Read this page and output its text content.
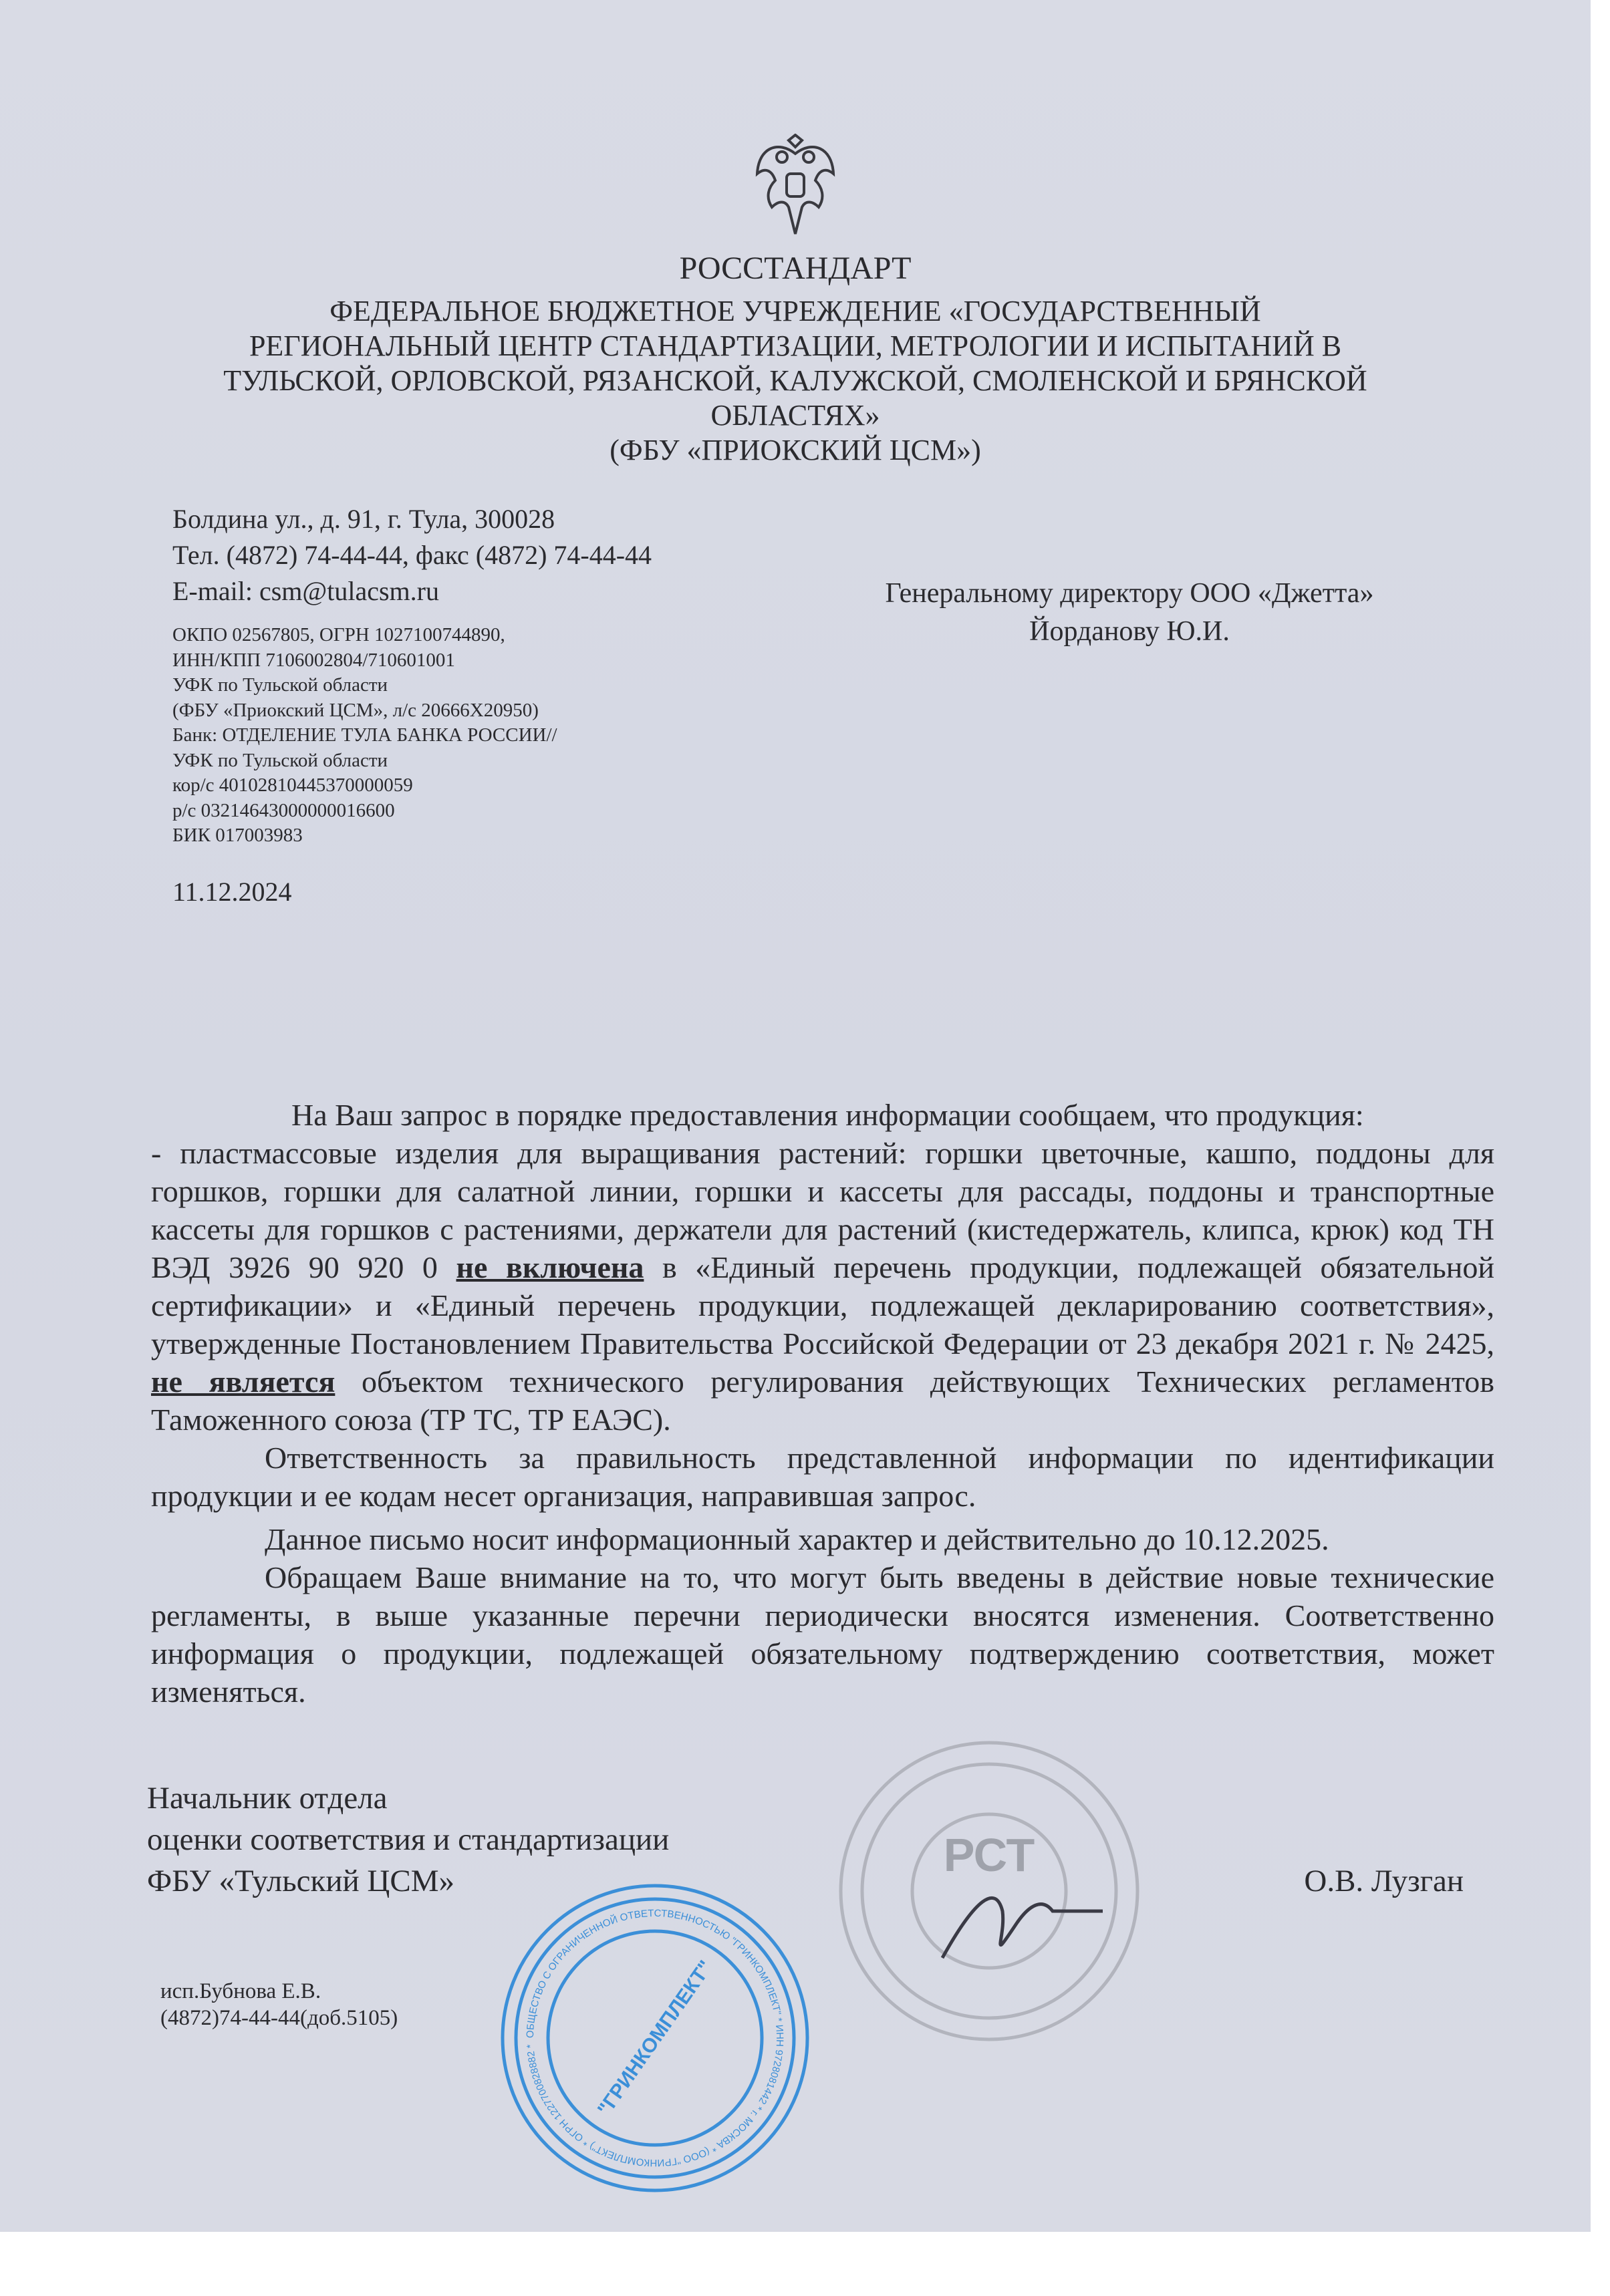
РОССТАНДАРТ
ФЕДЕРАЛЬНОЕ БЮДЖЕТНОЕ УЧРЕЖДЕНИЕ «ГОСУДАРСТВЕННЫЙ
РЕГИОНАЛЬНЫЙ ЦЕНТР СТАНДАРТИЗАЦИИ, МЕТРОЛОГИИ И ИСПЫТАНИЙ В
ТУЛЬСКОЙ, ОРЛОВСКОЙ, РЯЗАНСКОЙ, КАЛУЖСКОЙ, СМОЛЕНСКОЙ И БРЯНСКОЙ
ОБЛАСТЯХ»
(ФБУ «ПРИОКСКИЙ ЦСМ»)
Болдина ул., д. 91, г. Тула, 300028
Тел. (4872) 74-44-44, факс (4872) 74-44-44
E-mail: csm@tulacsm.ru
ОКПО 02567805, ОГРН 1027100744890,
ИНН/КПП 7106002804/710601001
УФК по Тульской области
(ФБУ «Приокский ЦСМ», л/с 20666Х20950)
Банк: ОТДЕЛЕНИЕ ТУЛА БАНКА РОССИИ//
УФК по Тульской области
кор/с 40102810445370000059
р/с 03214643000000016600
БИК 017003983
11.12.2024
Генеральному директору ООО «Джетта»
Йорданову Ю.И.

На Ваш запрос в порядке предоставления информации сообщаем, что продукция:

- пластмассовые изделия для выращивания растений: горшки цветочные, кашпо, поддоны для горшков, горшки для салатной линии, горшки и кассеты для рассады, поддоны и транспортные кассеты для горшков с растениями, держатели для растений (кистедержатель, клипса, крюк) код ТН ВЭД 3926 90 920 0 не включена в «Единый перечень продукции, подлежащей обязательной сертификации» и «Единый перечень продукции, подлежащей декларированию соответствия», утвержденные Постановлением Правительства Российской Федерации от 23 декабря 2021 г. № 2425, не является объектом технического регулирования действующих Технических регламентов Таможенного союза (ТР ТС, ТР ЕАЭС).

Ответственность за правильность представленной информации по идентификации продукции и ее кодам несет организация, направившая запрос.

Данное письмо носит информационный характер и действительно до 10.12.2025.

Обращаем Ваше внимание на то, что могут быть введены в действие новые технические регламенты, в выше указанные перечни периодически вносятся изменения. Соответственно информация о продукции, подлежащей обязательному подтверждению соответствия, может изменяться.

РСТ
Начальник отдела
оценки соответствия и стандартизации
ФБУ «Тульский ЦСМ»	О.В. Лузган
исп.Бубнова Е.В.
(4872)74-44-44(доб.5105)
ОБЩЕСТВО С ОГРАНИЧЕННОЙ ОТВЕТСТВЕННОСТЬЮ "ГРИНКОМПЛЕКТ" * ИНН 9728081442 * г. МОСКВА * (ООО "ГРИНКОМПЛЕКТ") * ОГРН 1227700828882 *	"ГРИНКОМПЛЕКТ"
